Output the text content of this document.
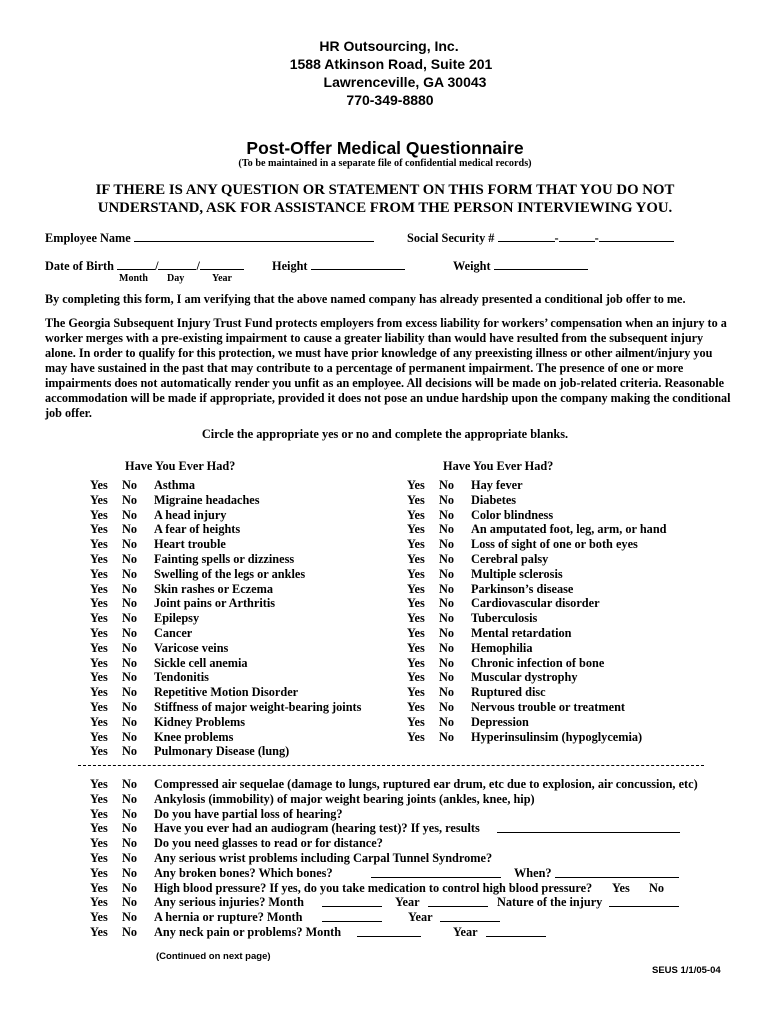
HR Outsourcing, Inc.
1588 Atkinson Road, Suite 201
Lawrenceville, GA 30043
770-349-8880
Post-Offer Medical Questionnaire
(To be maintained in a separate file of confidential medical records)
IF THERE IS ANY QUESTION OR STATEMENT ON THIS FORM THAT YOU DO NOT
UNDERSTAND, ASK FOR ASSISTANCE FROM THE PERSON INTERVIEWING YOU.
Employee Name	Social Security #	-	-
Date of Birth	/	/	Height	Weight
Month Day	Year
By completing this form, I am verifying that the above named company has already presented a conditional job offer to me.
The Georgia Subsequent Injury Trust Fund protects employers from excess liability for workers’ compensation when an injury to a worker merges with a pre-existing impairment to cause a greater liability than would have resulted from the subsequent injury alone. In order to qualify for this protection, we must have prior knowledge of any preexisting illness or other ailment/injury you may have sustained in the past that may contribute to a percentage of permanent impairment. The presence of one or more impairments does not automatically render you unfit as an employee. All decisions will be made on job-related criteria. Reasonable accommodation will be made if appropriate, provided it does not pose an undue hardship upon the company making the conditional job offer.
Circle the appropriate yes or no and complete the appropriate blanks.
Have You Ever Had?	Have You Ever Had?
Yes No Asthma
Yes No Migraine headaches
Yes No A head injury
Yes No A fear of heights
Yes No Heart trouble
Yes No Fainting spells or dizziness
Yes No Swelling of the legs or ankles
Yes No Skin rashes or Eczema
Yes No Joint pains or Arthritis
Yes No Epilepsy
Yes No Cancer
Yes No Varicose veins
Yes No Sickle cell anemia
Yes No Tendonitis
Yes No Repetitive Motion Disorder
Yes No Stiffness of major weight-bearing joints
Yes No Kidney Problems
Yes No Knee problems
Yes No Pulmonary Disease (lung)
Yes No Hay fever
Yes No Diabetes
Yes No Color blindness
Yes No An amputated foot, leg, arm, or hand
Yes No Loss of sight of one or both eyes
Yes No Cerebral palsy
Yes No Multiple sclerosis
Yes No Parkinson’s disease
Yes No Cardiovascular disorder
Yes No Tuberculosis
Yes No Mental retardation
Yes No Hemophilia
Yes No Chronic infection of bone
Yes No Muscular dystrophy
Yes No Ruptured disc
Yes No Nervous trouble or treatment
Yes No Depression
Yes No Hyperinsulinsim (hypoglycemia)
Yes No Compressed air sequelae (damage to lungs, ruptured ear drum, etc due to explosion, air concussion, etc)
Yes No Ankylosis (immobility) of major weight bearing joints (ankles, knee, hip)
Yes No Do you have partial loss of hearing?
Yes No Have you ever had an audiogram (hearing test)? If yes, results
Yes No Do you need glasses to read or for distance?
Yes No Any serious wrist problems including Carpal Tunnel Syndrome?
Yes No Any broken bones? Which bones?	When?
Yes No High blood pressure? If yes, do you take medication to control high blood pressure? Yes No
Yes No Any serious injuries? Month	Year	Nature of the injury
Yes No A hernia or rupture? Month	Year
Yes No Any neck pain or problems? Month	Year
(Continued on next page)
SEUS 1/1/05-04
